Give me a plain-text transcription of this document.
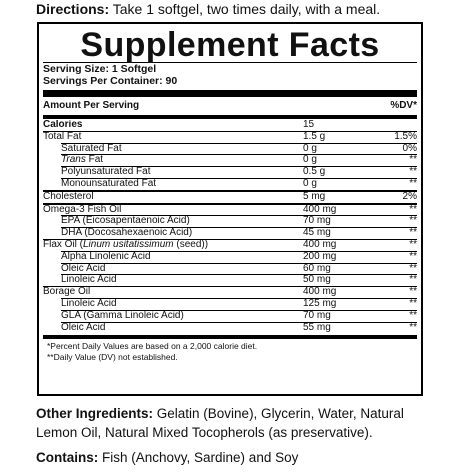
Directions: Take 1 softgel, two times daily, with a meal.
Supplement Facts
Serving Size: 1 Softgel
Servings Per Container: 90
Amount Per Serving	%DV*
Calories	15
Total Fat	1.5 g	1.5%
Saturated Fat	0 g	0%
Trans Fat	0 g	**
Polyunsaturated Fat	0.5 g	**
Monounsaturated Fat	0 g	**
Cholesterol	5 mg	2%
Omega-3 Fish Oil	400 mg	**
EPA (Eicosapentaenoic Acid)	70 mg	**
DHA (Docosahexaenoic Acid)	45 mg	**
Flax Oil (Linum usitatissimum (seed))	400 mg	**
Alpha Linolenic Acid	200 mg	**
Oleic Acid	60 mg	**
Linoleic Acid	50 mg	**
Borage Oil	400 mg	**
Linoleic Acid	125 mg	**
GLA (Gamma Linoleic Acid)	70 mg	**
Oleic Acid	55 mg	**
*Percent Daily Values are based on a 2,000 calorie diet.
**Daily Value (DV) not established.
Other Ingredients: Gelatin (Bovine), Glycerin, Water, Natural Lemon Oil, Natural Mixed Tocopherols (as preservative).
Contains: Fish (Anchovy, Sardine) and Soy
